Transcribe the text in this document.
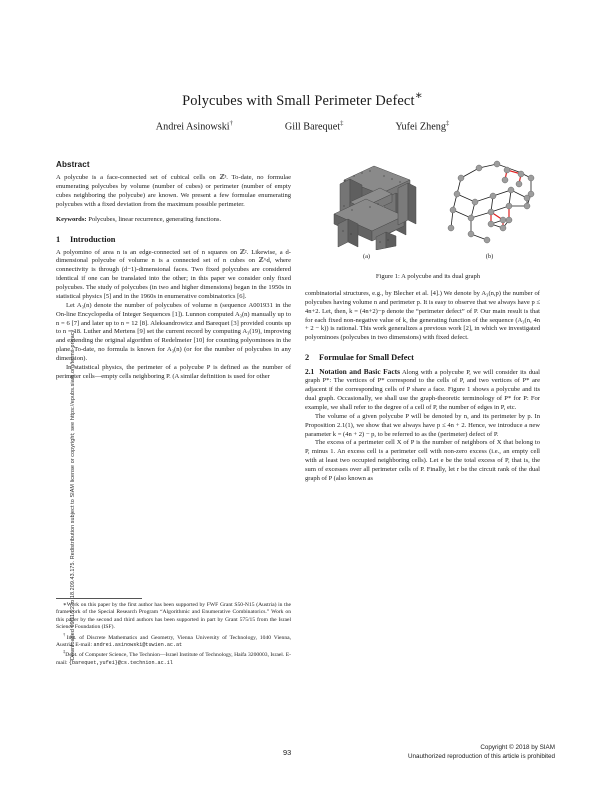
Downloaded 09/11/22 to 18.209.43.175. Redistribution subject to SIAM license or copyright; see https://epubs.siam.org/terms-privacy
Polycubes with Small Perimeter Defect∗
Andrei Asinowski†	Gill Barequet‡	Yufei Zheng‡
Abstract

A polycube is a face-connected set of cubical cells on ℤ³. To-date, no formulae enumerating polycubes by volume (number of cubes) or perimeter (number of empty cubes neighboring the polycube) are known. We present a few formulae enumerating polycubes with a fixed deviation from the maximum possible perimeter.

Keywords: Polycubes, linear recurrence, generating functions.

1 Introduction

A polyomino of area n is an edge-connected set of n squares on ℤ². Likewise, a d-dimensional polycube of volume n is a connected set of n cubes on ℤ^d, where connectivity is through (d−1)-dimensional faces. Two fixed polycubes are considered identical if one can be translated into the other; in this paper we consider only fixed polycubes. The study of polycubes (in two and higher dimensions) began in the 1950s in statistical physics [5] and in the 1960s in enumerative combinatorics [6].

Let A₃(n) denote the number of polycubes of volume n (sequence A001931 in the On-line Encyclopedia of Integer Sequences [1]). Lunnon computed A₃(n) manually up to n = 6 [7] and later up to n = 12 [8]. Aleksandrowicz and Barequet [3] provided counts up to n = 18. Luther and Mertens [9] set the current record by computing A₃(19), improving and extending the original algorithm of Redelmeier [10] for counting polyominoes in the plane. To-date, no formula is known for A₃(n) (or for the number of polycubes in any dimension).

In statistical physics, the perimeter of a polycube P is defined as the number of perimeter cells—empty cells neighboring P. (A similar definition is used for other

(a)	(b)
Figure 1: A polycube and its dual graph

combinatorial structures, e.g., by Blecher et al. [4].) We denote by A₃(n,p) the number of polycubes having volume n and perimeter p. It is easy to observe that we always have p ≤ 4n+2. Let, then, k = (4n+2)−p denote the “perimeter defect” of P. Our main result is that for each fixed non-negative value of k, the generating function of the sequence (A₃(n, 4n + 2 − k)) is rational. This work generalizes a previous work [2], in which we investigated polyominoes (polycubes in two dimensions) with fixed defect.

2 Formulae for Small Defect

2.1 Notation and Basic Facts Along with a polycube P, we will consider its dual graph P*: The vertices of P* correspond to the cells of P, and two vertices of P* are adjacent if the corresponding cells of P share a face. Figure 1 shows a polycube and its dual graph. Occasionally, we shall use the graph-theoretic terminology of P* for P: For example, we shall refer to the degree of a cell of P, the number of edges in P, etc.

The volume of a given polycube P will be denoted by n, and its perimeter by p. In Proposition 2.1(1), we show that we always have p ≤ 4n + 2. Hence, we introduce a new parameter k = (4n + 2) − p, to be referred to as the (perimeter) defect of P.

The excess of a perimeter cell X of P is the number of neighbors of X that belong to P, minus 1. An excess cell is a perimeter cell with non-zero excess (i.e., an empty cell with at least two occupied neighboring cells). Let e be the total excess of P, that is, the sum of excesses over all perimeter cells of P. Finally, let r be the circuit rank of the dual graph of P (also known as

∗Work on this paper by the first author has been supported by FWF Grant S50-N15 (Austria) in the framework of the Special Research Program “Algorithmic and Enumerative Combinatorics.” Work on this paper by the second and third authors has been supported in part by Grant 575/15 from the Israel Science Foundation (ISF).

†Inst. of Discrete Mathematics and Geometry, Vienna University of Technology, 1040 Vienna, Austria, E-mail: andrei.asinowski@tuwien.ac.at

‡Dept. of Computer Science, The Technion—Israel Institute of Technology, Haifa 3200003, Israel. E-mail: {barequet,yufei}@cs.technion.ac.il

93
Copyright © 2018 by SIAM
Unauthorized reproduction of this article is prohibited
